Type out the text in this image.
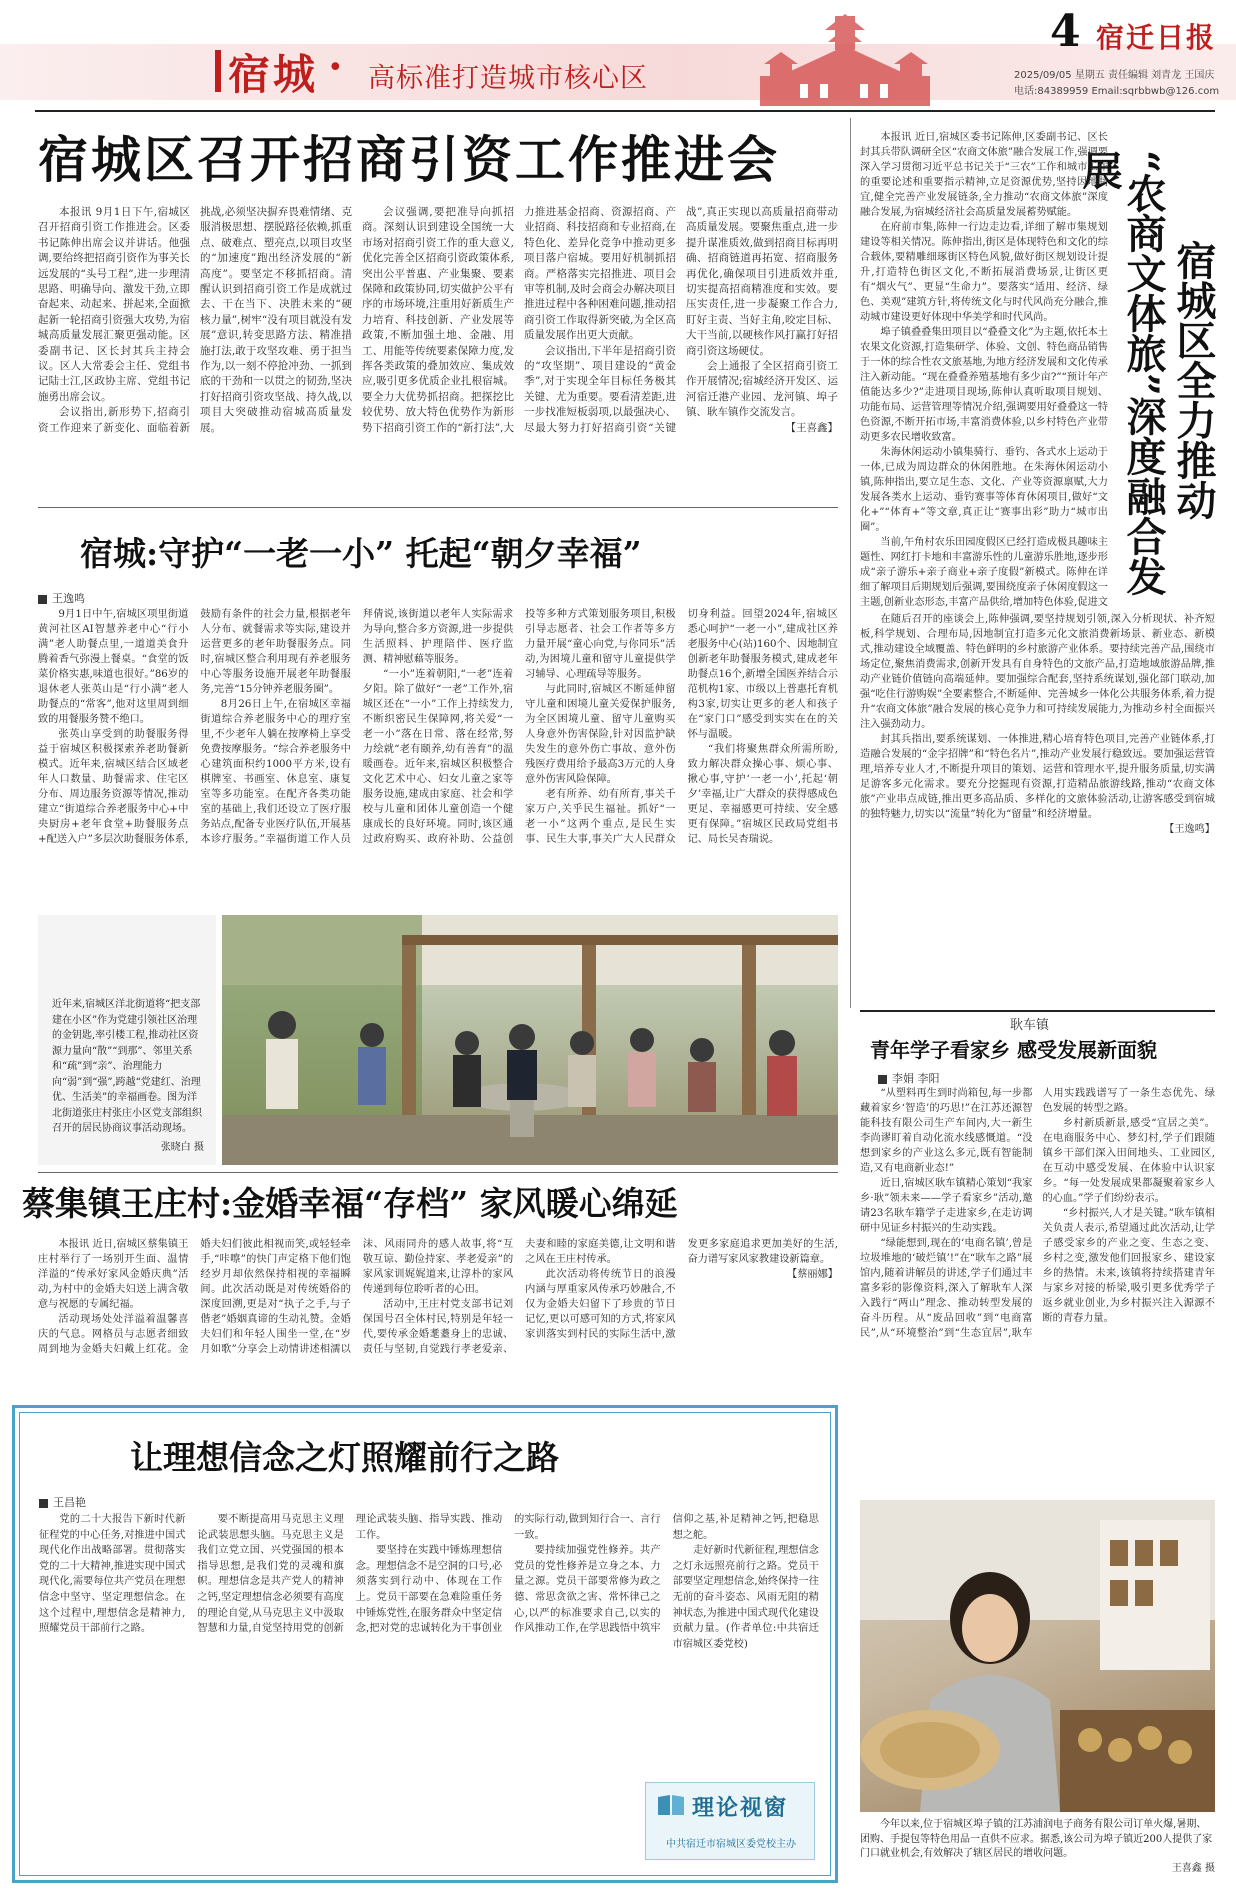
宿城 · 高标准打造城市核心区
4 宿迁日报
2025/09/05 星期五 责任编辑 刘青龙 王国庆
电话:84389959 Email:sqrbbwb@126.com
宿城区召开招商引资工作推进会

本报讯 9月1日下午,宿城区召开招商引资工作推进会。区委书记陈伸出席会议并讲话。他强调,要给终把招商引资作为事关长远发展的“头号工程”,进一步理清思路、明确导向、激发干劲,立即奋起来、动起来、拼起来,全面掀起新一轮招商引资强大攻势,为宿城高质量发展汇聚更强动能。区委副书记、区长封其兵主持会议。区人大常委会主任、党组书记陆士江,区政协主席、党组书记施勇出席会议。

会议指出,新形势下,招商引资工作迎来了新变化、面临着新挑战,必须坚决摒弃畏难情绪、克服消极思想、摆脱路径依赖,抓重点、破难点、塑亮点,以项目攻坚的“加速度”跑出经济发展的“新高度”。要坚定不移抓招商。清醒认识到招商引资工作是成就过去、干在当下、决胜未来的“硬核力量”,树牢“没有项目就没有发展”意识,转变思路方法、精准措施打法,敢于攻坚攻难、勇于担当作为,以一刻不停抢冲劲、一抓到底的干劲和一以贯之的韧劲,坚决打好招商引资攻坚战、持久战,以项目大突破推动宿城高质量发展。

会议强调,要把准导向抓招商。深刻认识到建设全国统一大市场对招商引资工作的重大意义,优化完善全区招商引资政策体系,突出公平普惠、产业集聚、要素保障和政策协同,切实做护公平有序的市场环境,注重用好新质生产力培育、科技创新、产业发展等政策,不断加强土地、金融、用工、用能等传统要素保障力度,发挥各类政策的叠加效应、集成效应,吸引更多优质企业扎根宿城。要全力大优势抓招商。把探挖比较优势、放大特色优势作为新形势下招商引资工作的“新打法”,大力推进基金招商、资源招商、产业招商、科技招商和专业招商,在特色化、差异化竞争中推动更多项目落户宿城。要用好机制抓招商。严格落实完招推进、项目会审等机制,及时会商会办解决项目推进过程中各种困难问题,推动招商引资工作取得新突破,为全区高质量发展作出更大贡献。

会议指出,下半年是招商引资的“攻坚期”、项目建设的“黄金季”,对于实现全年目标任务极其关键、尤为重要。要看清差距,进一步找准短板弱项,以最强决心、尽最大努力打好招商引资“关键战”,真正实现以高质量招商带动高质量发展。要聚焦重点,进一步提升谋准质效,做到招商目标再明确、招商链道再拓宽、招商服务再优化,确保项目引进质效并重,切实提高招商精准度和实效。要压实责任,进一步凝聚工作合力,盯好主责、当好主角,咬定目标、大干当前,以硬核作风打赢打好招商引资这场硬仗。

会上通报了全区招商引资工作开展情况;宿城经济开发区、运河宿迁港产业园、龙河镇、埠子镇、耿车镇作交流发言。

【王喜鑫】	宿城区全力推动
“农商文体旅”深度融合发展

本报讯 近日,宿城区委书记陈伸,区委副书记、区长封其兵带队调研全区“农商文体旅”融合发展工作,强调要深入学习贯彻习近平总书记关于“三农”工作和城市工作的重要论述和重要指示精神,立足资源优势,坚持因地制宜,健全完善产业发展链条,全力推动“农商文体旅”深度融合发展,为宿城经济社会高质量发展蓄势赋能。

在府前市集,陈伸一行边走边看,详细了解市集规划建设等相关情况。陈伸指出,街区是体现特色和文化的综合载体,要精雕细琢街区特色风貌,做好街区规划设计提升,打造特色街区文化,不断拓展消费场景,让街区更有“烟火气”、更显“生命力”。要落实“适用、经济、绿色、美观”建筑方针,将传统文化与时代风尚充分融合,推动城市建设更好体现中华美学和时代风尚。

埠子镇叠叠集田项目以“叠叠文化”为主题,依托本土农果文化资源,打造集研学、体验、文创、特色商品销售于一体的综合性农文旅基地,为地方经济发展和文化传承注入新动能。“现在叠叠养殖基地有多少亩?”“预计年产值能达多少?”走进项目现场,陈伸认真听取项目规划、功能布局、运营管理等情况介绍,强调要用好叠叠这一特色资源,不断开拓市场,丰富消费体验,以乡村特色产业带动更多农民增收致富。

朱海休闲运动小镇集骑行、垂钓、各式水上运动于一体,已成为周边群众的休闲胜地。在朱海休闲运动小镇,陈伸指出,要立足生态、文化、产业等资源禀赋,大力发展各类水上运动、垂钓赛事等体育休闲项目,做好“文化+”“体育+”等文章,真正让“赛事出彩”助力“城市出圈”。

当前,午角村农乐田园度假区已经打造成极具趣味主题性、网红打卡地和丰富游乐性的儿童游乐胜地,逐步形成“亲子游乐+亲子商业+亲子度假”新模式。陈伸在详细了解项目后期规划后强调,要围绕度亲子休闲度假这一主题,创新业态形态,丰富产品供给,增加特色体验,促进文

在随后召开的座谈会上,陈伸强调,要坚持规划引领,深入分析现状、补齐短板,科学规划、合理布局,因地制宜打造多元化文旅消费新场景、新业态、新模式,推动建设全域覆盖、特色鲜明的乡村旅游产业体系。要持续完善产品,围绕市场定位,聚焦消费需求,创新开发具有自身特色的文旅产品,打造地域旅游品牌,推动产业链价值链向高端延伸。要加强综合配套,坚持系统谋划,强化部门联动,加强“吃住行游购娱”全要素整合,不断延伸、完善城乡一体化公共服务体系,着力提升“农商文体旅”融合发展的核心竞争力和可持续发展能力,为推动乡村全面振兴注入强劲动力。

封其兵指出,要系统谋划、一体推进,精心培育特色项目,完善产业链体系,打造融合发展的“金字招牌”和“特色名片”,推动产业发展行稳致远。要加强运营管理,培养专业人才,不断提升项目的策划、运营和管理水平,提升服务质量,切实满足游客多元化需求。要充分挖掘现有资源,打造精品旅游线路,推动“农商文体旅”产业串点成链,推出更多高品质、多样化的文旅体验活动,让游客感受到宿城的独特魅力,切实以“流量”转化为“留量”和经济增量。

【王逸鸣】

宿城:守护“一老一小” 托起“朝夕幸福”
王逸鸣

9月1日中午,宿城区项里街道黄河社区AI智慧养老中心“行小满”老人助餐点里,一道道美食升腾着香气弥漫上餐桌。“食堂的饭菜价格实惠,味道也很好。”86岁的退休老人张英山是“行小满”老人助餐点的“常客”,他对这里周到细致的用餐服务赞不绝口。

张英山享受到的助餐服务得益于宿城区积极探索养老助餐新模式。近年来,宿城区结合区域老年人口数量、助餐需求、住宅区分布、周边服务资源等情况,推动建立“街道综合养老服务中心+中央厨房+老年食堂+助餐服务点+配送入户”多层次助餐服务体系,鼓励有条件的社会力量,根据老年人分布、就餐需求等实际,建设并运营更多的老年助餐服务点。同时,宿城区整合利用现有养老服务中心等服务设施开展老年助餐服务,完善“15分钟养老服务圈”。

8月26日上午,在宿城区幸福街道综合养老服务中心的理疗室里,不少老年人躺在按摩椅上享受免费按摩服务。“综合养老服务中心建筑面积约1000平方米,设有棋牌室、书画室、休息室、康复室等多功能室。在配齐各类功能室的基础上,我们还设立了医疗服务站点,配备专业医疗队伍,开展基本诊疗服务。”幸福街道工作人员拜倩说,该街道以老年人实际需求为导向,整合多方资源,进一步提供生活照料、护理陪伴、医疗监测、精神慰藉等服务。

“一小”连着朝阳,“一老”连着夕阳。除了做好“一老”工作外,宿城区还在“一小”工作上持续发力,不断织密民生保障网,将关爱“一老一小”落在日常、落在经常,努力绘就“老有颐养,幼有善育”的温暖画卷。近年来,宿城区积极整合文化艺术中心、妇女儿童之家等服务设施,建成由家庭、社会和学校与儿童和团体儿童创造一个健康成长的良好环境。同时,该区通过政府购买、政府补助、公益创投等多种方式策划服务项目,积极引导志愿者、社会工作者等多方力量开展“童心向党,与你同乐”活动,为困境儿童和留守儿童提供学习辅导、心理疏导等服务。

与此同时,宿城区不断延伸留守儿童和困境儿童关爱保护服务,为全区困境儿童、留守儿童购买人身意外伤害保险,针对因监护缺失发生的意外伤亡事故、意外伤残医疗费用给予最高3万元的人身意外伤害风险保障。

老有所养、幼有所育,事关千家万户,关乎民生福祉。抓好“一老一小”这两个重点,是民生实事、民生大事,事关广大人民群众切身利益。回望2024年,宿城区悉心呵护“一老一小”,建成社区养老服务中心(站)160个、因地制宜创新老年助餐服务模式,建成老年助餐点16个,新增全国医养结合示范机构1家、市级以上普惠托育机构3家,切实让更多的老人和孩子在“家门口”感受到实实在在的关怀与温暖。

“我们将聚焦群众所需所盼,致力解决群众操心事、烦心事、揪心事,守护‘一老一小’,托起‘朝夕’幸福,让广大群众的获得感成色更足、幸福感更可持续、安全感更有保障。”宿城区民政局党组书记、局长吴杏瑞说。

近年来,宿城区洋北街道将“把支部建在小区”作为党建引领社区治理的金钥匙,率引楼工程,推动社区资源力量向“散”“到那”、邻里关系和“疏”到“亲”、治理能力向“弱”到“强”,跨越“党建红、治理优、生活美”的幸福画卷。图为洋北街道张庄村张庄小区党支部组织召开的居民协商议事活动现场。
张晓白 摄
蔡集镇王庄村:金婚幸福“存档” 家风暖心绵延

本报讯 近日,宿城区蔡集镇王庄村举行了一场别开生面、温情洋溢的“传承好家风金婚庆典”活动,为村中的金婚夫妇送上满含敬意与祝愿的专属纪福。

活动现场处处洋溢着温馨喜庆的气息。网格员与志愿者细致周到地为金婚夫妇戴上红花。金婚夫妇们彼此相视而笑,或轻轻牵手,“咔嚓”的快门声定格下他们饱经岁月却依然保持相视的幸福瞬间。此次活动既是对传统婚俗的深度回溯,更是对“执子之手,与子偕老”婚姻真谛的生动礼赞。金婚夫妇们和年轻人围坐一堂,在“岁月如歌”分享会上动情讲述相濡以沫、风雨同舟的感人故事,将“互敬互谅、勤俭持家、孝老爱亲”的家风家训娓娓道来,让淳朴的家风传递到每位聆听者的心田。

活动中,王庄村党支部书记刘保国号召全体村民,特别是年轻一代,要传承金婚耄耋身上的忠诚、责任与坚韧,自觉践行孝老爱亲、夫妻和睦的家庭美德,让文明和谐之风在王庄村传承。

此次活动将传统节日的浪漫内涵与厚重家风传承巧妙融合,不仅为金婚夫妇留下了珍贵的节日记忆,更以可感可知的方式,将家风家训落实到村民的实际生活中,激发更多家庭追求更加美好的生活,奋力谱写家风家教建设新篇章。

【蔡丽娜】

让理想信念之灯照耀前行之路
王昌艳

党的二十大报告下新时代新征程党的中心任务,对推进中国式现代化作出战略部署。贯彻落实党的二十大精神,推进实现中国式现代化,需要每位共产党员在理想信念中坚守、坚定理想信念。在这个过程中,理想信念是精神力,照耀党员干部前行之路。

要不断提高用马克思主义理论武装思想头脑。马克思主义是我们立党立国、兴党强国的根本指导思想,是我们党的灵魂和旗帜。理想信念是共产党人的精神之钙,坚定理想信念必须要有高度的理论自觉,从马克思主义中汲取智慧和力量,自觉坚持用党的创新理论武装头脑、指导实践、推动工作。

要坚持在实践中锤炼理想信念。理想信念不是空洞的口号,必须落实到行动中、体现在工作上。党员干部要在急难险重任务中锤炼党性,在服务群众中坚定信念,把对党的忠诚转化为干事创业的实际行动,做到知行合一、言行一致。

要持续加强党性修养。共产党员的党性修养是立身之本、力量之源。党员干部要常修为政之德、常思贪欲之害、常怀律己之心,以严的标准要求自己,以实的作风推动工作,在学思践悟中筑牢信仰之基,补足精神之钙,把稳思想之舵。

走好新时代新征程,理想信念之灯永远照亮前行之路。党员干部要坚定理想信念,始终保持一往无前的奋斗姿态、风雨无阻的精神状态,为推进中国式现代化建设贡献力量。(作者单位:中共宿迁市宿城区委党校)

理论视窗
中共宿迁市宿城区委党校主办
耿车镇
青年学子看家乡 感受发展新面貌
李娟 李阳

“从塑料再生到时尚箱包,每一步都藏着家乡‘智造’的巧思!”在江苏还源智能科技有限公司生产车间内,大一新生李尚谬盯着自动化流水线感慨道。“没想到家乡的产业这么多元,既有智能制造,又有电商新业态!”

近日,宿城区耿车镇精心策划“我家乡·耿”领未来——学子看家乡”活动,邀请23名耿车籍学子走进家乡,在走访调研中见证乡村振兴的生动实践。

“绿能想到,现在的‘电商名镇’,曾是垃圾堆地的‘破烂镇’!”在“耿车之路”展馆内,随着讲解员的讲述,学子们通过丰富多彩的影像资料,深入了解耿车人深入践行“两山”理念、推动转型发展的奋斗历程。从“废品回收”到“电商富民”,从“环境整治”到“生态宜居”,耿车人用实践践谱写了一条生态优先、绿色发展的转型之路。

乡村新质新景,感受“宜居之美”。在电商服务中心、梦幻村,学子们跟随镇乡干部们深入田间地头、工业园区,在互动中感受发展、在体验中认识家乡。“每一处发展成果都凝聚着家乡人的心血。”学子们纷纷表示。

“乡村振兴,人才是关键。”耿车镇相关负责人表示,希望通过此次活动,让学子感受家乡的产业之变、生态之变、乡村之变,激发他们回报家乡、建设家乡的热情。未来,该镇将持续搭建青年与家乡对接的桥梁,吸引更多优秀学子返乡就业创业,为乡村振兴注入源源不断的青春力量。

今年以来,位于宿城区埠子镇的江苏浦润电子商务有限公司订单火爆,暑期、团购、手提包等特色用品一直供不应求。据悉,该公司为埠子镇近200人提供了家门口就业机会,有效解决了辖区居民的增收问题。
王喜鑫 摄
